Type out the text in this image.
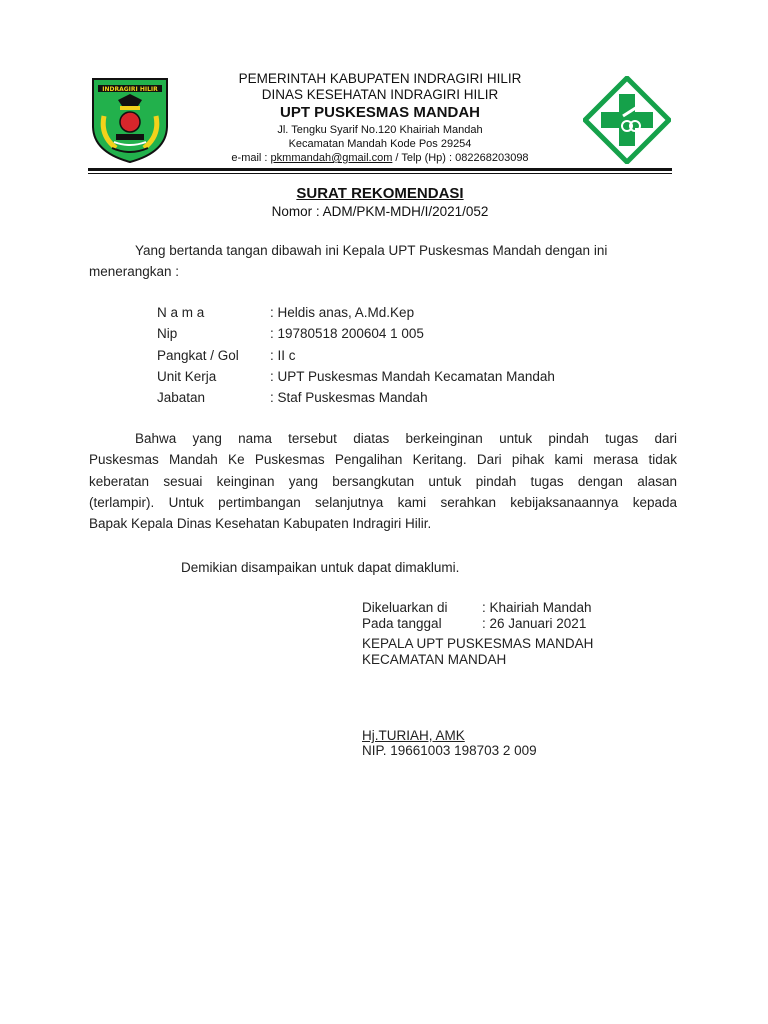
INDRAGIRI HILIR
PEMERINTAH KABUPATEN INDRAGIRI HILIR
DINAS KESEHATAN INDRAGIRI HILIR
UPT PUSKESMAS MANDAH
Jl. Tengku Syarif No.120 Khairiah Mandah
Kecamatan Mandah Kode Pos 29254
e-mail : pkmmandah@gmail.com / Telp (Hp) : 082268203098
SURAT REKOMENDASI
Nomor : ADM/PKM-MDH/I/2021/052
Yang bertanda tangan dibawah ini Kepala UPT Puskesmas Mandah dengan ini
menerangkan :
N a m a	: Heldis anas, A.Md.Kep
Nip	: 19780518 200604 1 005
Pangkat / Gol : II c
Unit Kerja	: UPT Puskesmas Mandah Kecamatan Mandah
Jabatan	: Staf Puskesmas Mandah
Bahwa yang nama tersebut diatas berkeinginan untuk pindah tugas dari
Puskesmas Mandah Ke Puskesmas Pengalihan Keritang. Dari pihak kami merasa tidak
keberatan sesuai keinginan yang bersangkutan untuk pindah tugas dengan alasan
(terlampir). Untuk pertimbangan selanjutnya kami serahkan kebijaksanaannya kepada
Bapak Kepala Dinas Kesehatan Kabupaten Indragiri Hilir.
Demikian disampaikan untuk dapat dimaklumi.
Dikeluarkan di	: Khairiah Mandah
Pada tanggal	: 26 Januari 2021
KEPALA UPT PUSKESMAS MANDAH
KECAMATAN MANDAH
Hj.TURIAH, AMK
NIP. 19661003 198703 2 009
